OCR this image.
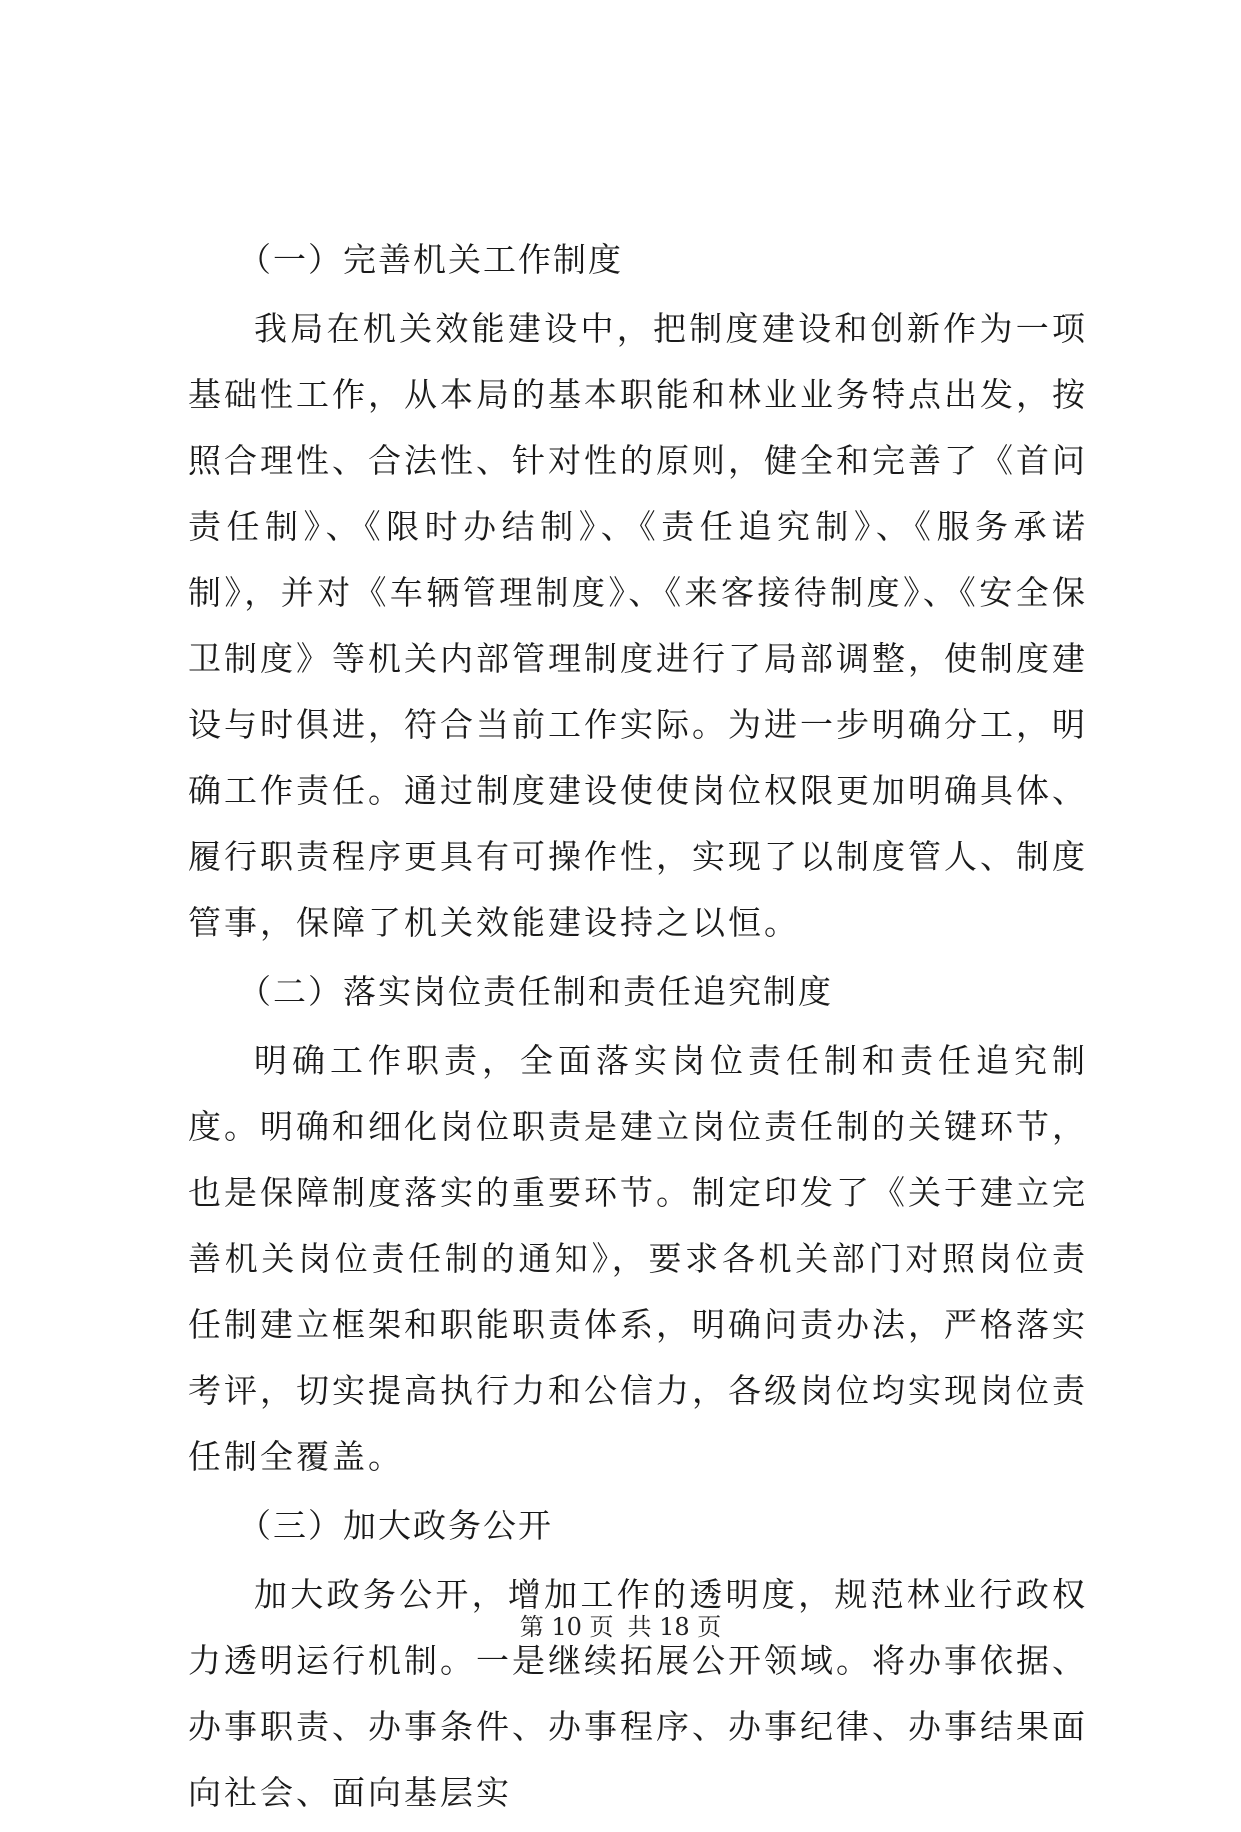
（一）完善机关工作制度

我局在机关效能建设中，把制度建设和创新作为一项基础性工作，从本局的基本职能和林业业务特点出发，按照合理性、合法性、针对性的原则，健全和完善了《首问责任制》、《限时办结制》、《责任追究制》、《服务承诺制》，并对《车辆管理制度》、《来客接待制度》、《安全保卫制度》等机关内部管理制度进行了局部调整，使制度建设与时俱进，符合当前工作实际。为进一步明确分工，明确工作责任。通过制度建设使使岗位权限更加明确具体、履行职责程序更具有可操作性，实现了以制度管人、制度管事，保障了机关效能建设持之以恒。

（二）落实岗位责任制和责任追究制度

明确工作职责，全面落实岗位责任制和责任追究制度。明确和细化岗位职责是建立岗位责任制的关键环节，也是保障制度落实的重要环节。制定印发了《关于建立完善机关岗位责任制的通知》，要求各机关部门对照岗位责任制建立框架和职能职责体系，明确问责办法，严格落实考评，切实提高执行力和公信力，各级岗位均实现岗位责任制全覆盖。

（三）加大政务公开

加大政务公开，增加工作的透明度，规范林业行政权力透明运行机制。一是继续拓展公开领域。将办事依据、办事职责、办事条件、办事程序、办事纪律、办事结果面向社会、面向基层实

第 10 页 共 18 页
